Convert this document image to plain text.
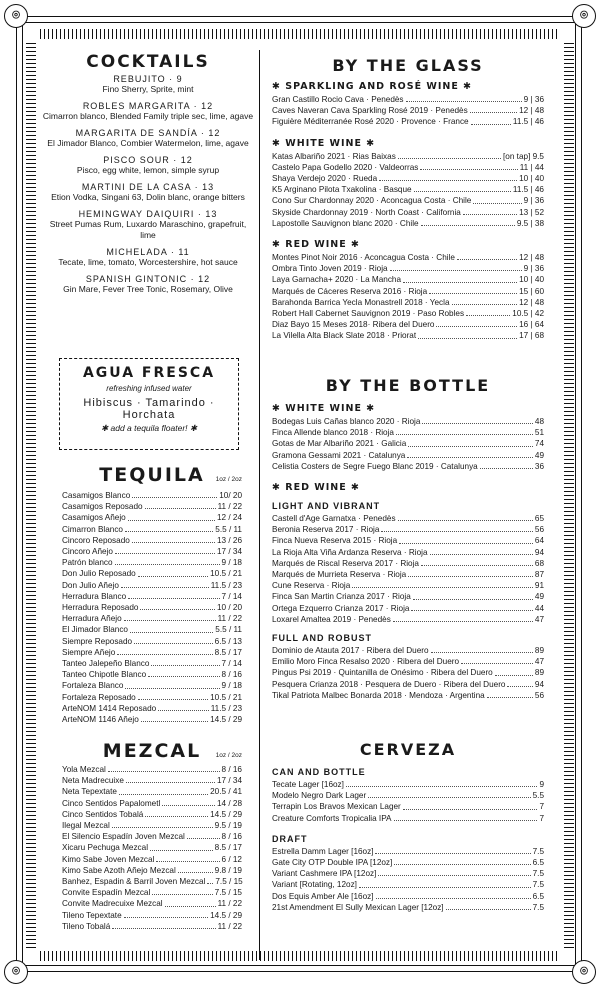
⌾	⌾
⌾	⌾
COCKTAILS
REBUJITO · 9
Fino Sherry, Sprite, mint
ROBLES MARGARITA · 12
Cimarron blanco, Blended Family triple sec, lime, agave
MARGARITA DE SANDÍA · 12
El Jimador Blanco, Combier Watermelon, lime, agave
PISCO SOUR · 12
Pisco, egg white, lemon, simple syrup
MARTINI DE LA CASA · 13
Etion Vodka, Singani 63, Dolin blanc, orange bitters
HEMINGWAY DAIQUIRI · 13
Street Pumas Rum, Luxardo Maraschino, grapefruit, lime
MICHELADA · 11
Tecate, lime, tomato, Worcestershire, hot sauce
SPANISH GINTONIC · 12
Gin Mare, Fever Tree Tonic, Rosemary, Olive
AGUA FRESCA
refreshing infused water
Hibiscus · Tamarindo ·
Horchata
✱ add a tequila floater! ✱
TEQUILA	1oz / 2oz
Casamigos Blanco	10/ 20
Casamigos Reposado	11 / 22
Casamigos Añejo	12 / 24
Cimarron Blanco	5.5 / 11
Cincoro Reposado	13 / 26
Cincoro Añejo	17 / 34
Patrón blanco	9 / 18
Don Julio Reposado	10.5 / 21
Don Julio Añejo	11.5 / 23
Herradura Blanco	7 / 14
Herradura Reposado	10 / 20
Herradura Añejo	11 / 22
El Jimador Blanco	5.5 / 11
Siempre Reposado	6.5 / 13
Siempre Añejo	8.5 / 17
Tanteo Jalepeño Blanco	7 / 14
Tanteo Chipotle Blanco	8 / 16
Fortaleza Blanco	9 / 18
Fortaleza Reposado	10.5 / 21
ArteNOM 1414 Reposado	11.5 / 23
ArteNOM 1146 Añejo	14.5 / 29
MEZCAL	1oz / 2oz
Yola Mezcal	8 / 16
Neta Madrecuixe	17 / 34
Neta Tepextate	20.5 / 41
Cinco Sentidos Papalometl	14 / 28
Cinco Sentidos Tobalá	14.5 / 29
Ilegal Mezcal	9.5 / 19
El Silencio Espadín Joven Mezcal	8 / 16
Xicaru Pechuga Mezcal	8.5 / 17
Kimo Sabe Joven Mezcal	6 / 12
Kimo Sabe Azoth Añejo Mezcal	9.8 / 19
Banhez, Espadin & Barril Joven Mezcal 7.5 / 15
Convite Espadín Mezcal	7.5 / 15
Convite Madrecuixe Mezcal	11 / 22
Tileno Tepextate	14.5 / 29
Tileno Tobalá	11 / 22
BY THE GLASS
✱ SPARKLING AND ROSÉ WINE ✱
Gran Castillo Rocio Cava · Penedès	9 | 36
Caves Naveran Cava Sparkling Rosé 2019 · Penedès	12 | 48
Figuière Méditerranée Rosé 2020 · Provence · France	11.5 | 46
✱ WHITE WINE ✱
Katas Albariño 2021 · Rias Baixas	[on tap] 9.5
Castelo Papa Godello 2020 · Valdeorras	11 | 44
Shaya Verdejo 2020 · Rueda	10 | 40
K5 Arginano Pilota Txakolina · Basque	11.5 | 46
Cono Sur Chardonnay 2020 · Aconcagua Costa · Chile	9 | 36
Skyside Chardonnay 2019 · North Coast · California	13 | 52
Lapostolle Sauvignon blanc 2020 · Chile	9.5 | 38
✱ RED WINE ✱
Montes Pinot Noir 2016 · Aconcagua Costa · Chile	12 | 48
Ombra Tinto Joven 2019 · Rioja	9 | 36
Laya Garnacha+ 2020 · La Mancha	10 | 40
Marqués de Cáceres Reserva 2016 · Rioja	15 | 60
Barahonda Barrica Yecla Monastrell 2018 · Yecla	12 | 48
Robert Hall Cabernet Sauvignon 2019 · Paso Robles	10.5 | 42
Diaz Bayo 15 Meses 2018· Ribera del Duero	16 | 64
La Vilella Alta Black Slate 2018 · Priorat	17 | 68
BY THE BOTTLE
✱ WHITE WINE ✱
Bodegas Luis Cañas blanco 2020 · Rioja	48
Finca Allende blanco 2018 · Rioja	51
Gotas de Mar Albariño 2021 · Galicia	74
Gramona Gessami 2021 · Catalunya	49
Celistia Costers de Segre Fuego Blanc 2019 · Catalunya	36
✱ RED WINE ✱
LIGHT AND VIBRANT
Castell d'Age Garnatxa · Penedès	65
Beronia Reserva 2017 · Rioja	56
Finca Nueva Reserva 2015 · Rioja	64
La Rioja Alta Viña Ardanza Reserva · Rioja	94
Marqués de Riscal Reserva 2017 · Rioja	68
Marqués de Murrieta Reserva · Rioja	87
Cune Reserva · Rioja	91
Finca San Martin Crianza 2017 · Rioja	49
Ortega Ezquerro Crianza 2017 · Rioja	44
Loxarel Amaltea 2019 · Penedès	47
FULL AND ROBUST
Dominio de Atauta 2017 · Ribera del Duero	89
Emilio Moro Finca Resalso 2020 · Ribera del Duero	47
Pingus Psi 2019 · Quintanilla de Onésimo · Ribera del Duero	89
Pesquera Crianza 2018 · Pesquera de Duero · Ribera del Duero	94
Tikal Patriota Malbec Bonarda 2018 · Mendoza · Argentina	56
CERVEZA
CAN AND BOTTLE
Tecate Lager [16oz]	9
Modelo Negro Dark Lager	5.5
Terrapin Los Bravos Mexican Lager	7
Creature Comforts Tropicalia IPA	7
DRAFT
Estrella Damm Lager [16oz]	7.5
Gate City OTP Double IPA [12oz]	6.5
Variant Cashmere IPA [12oz]	7.5
Variant [Rotating, 12oz]	7.5
Dos Equis Amber Ale [16oz]	6.5
21st Amendment El Sully Mexican Lager [12oz]	7.5
